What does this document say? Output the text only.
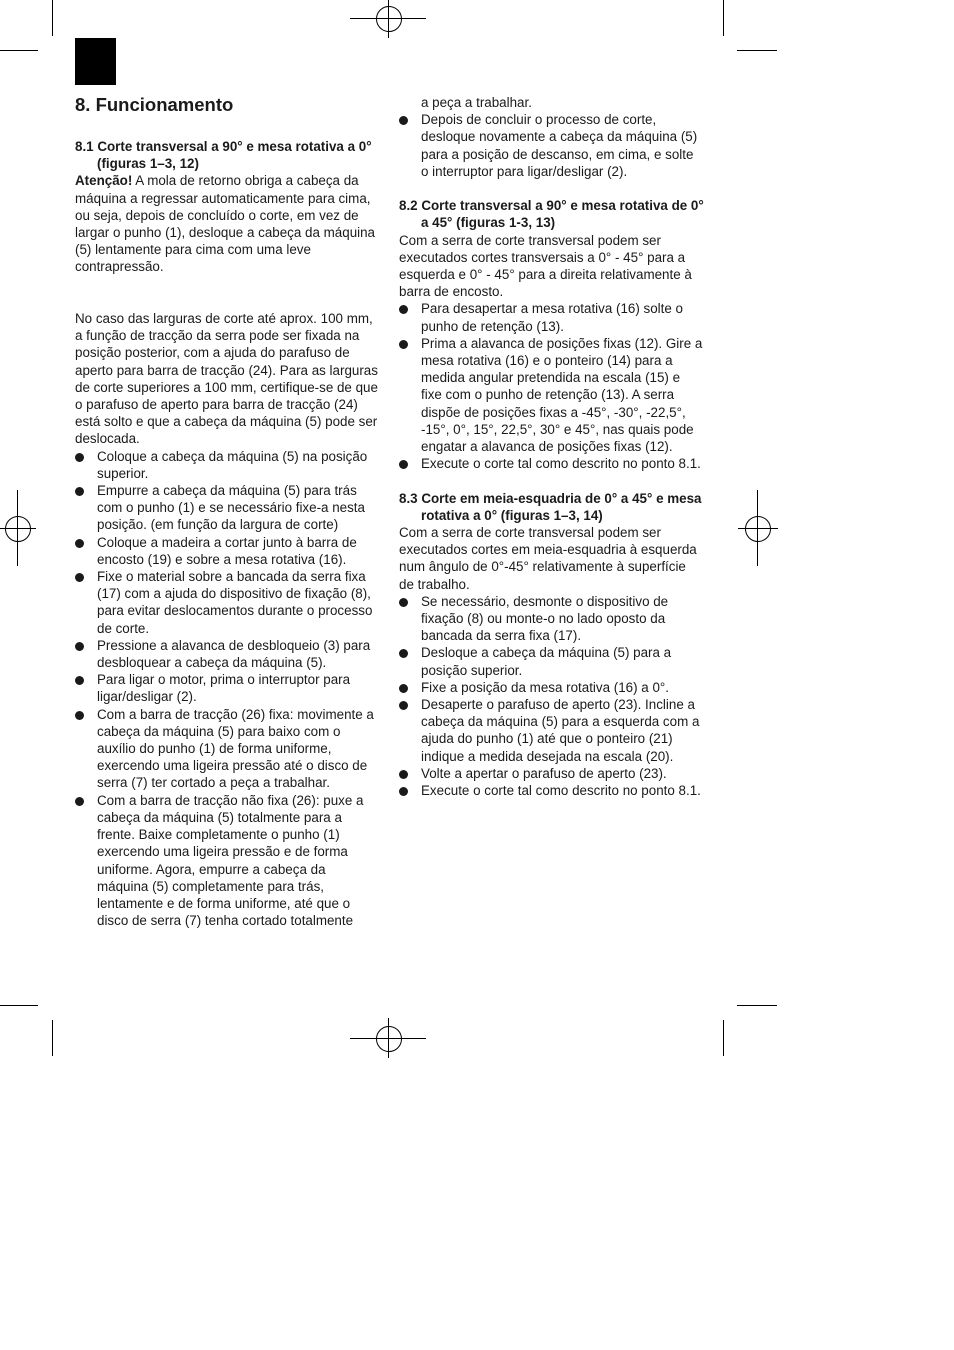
8. Funcionamento
8.1 Corte transversal a 90° e mesa rotativa a 0° (figuras 1–3, 12)

Atenção! A mola de retorno obriga a cabeça da máquina a regressar automaticamente para cima, ou seja, depois de concluído o corte, em vez de largar o punho (1), desloque a cabeça da máquina (5) lentamente para cima com uma leve contrapressão.

No caso das larguras de corte até aprox. 100 mm, a função de tracção da serra pode ser fixada na posição posterior, com a ajuda do parafuso de aperto para barra de tracção (24). Para as larguras de corte superiores a 100 mm, certifique-se de que o parafuso de aperto para barra de tracção (24) está solto e que a cabeça da máquina (5) pode ser deslocada.

Coloque a cabeça da máquina (5) na posição superior.
Empurre a cabeça da máquina (5) para trás com o punho (1) e se necessário fixe-a nesta posição. (em função da largura de corte)
Coloque a madeira a cortar junto à barra de encosto (19) e sobre a mesa rotativa (16).
Fixe o material sobre a bancada da serra fixa (17) com a ajuda do dispositivo de fixação (8), para evitar deslocamentos durante o processo de corte.
Pressione a alavanca de desbloqueio (3) para desbloquear a cabeça da máquina (5).
Para ligar o motor, prima o interruptor para ligar/desligar (2).
Com a barra de tracção (26) fixa: movimente a cabeça da máquina (5) para baixo com o auxílio do punho (1) de forma uniforme, exercendo uma ligeira pressão até o disco de serra (7) ter cortado a peça a trabalhar.
Com a barra de tracção não fixa (26): puxe a cabeça da máquina (5) totalmente para a frente. Baixe completamente o punho (1) exercendo uma ligeira pressão e de forma uniforme. Agora, empurre a cabeça da máquina (5) completamente para trás, lentamente e de forma uniforme, até que o disco de serra (7) tenha cortado totalmente
a peça a trabalhar.
Depois de concluir o processo de corte, desloque novamente a cabeça da máquina (5) para a posição de descanso, em cima, e solte o interruptor para ligar/desligar (2).
8.2 Corte transversal a 90° e mesa rotativa de 0° a 45° (figuras 1-3, 13)

Com a serra de corte transversal podem ser executados cortes transversais a 0° - 45° para a esquerda e 0° - 45° para a direita relativamente à barra de encosto.

Para desapertar a mesa rotativa (16) solte o punho de retenção (13).
Prima a alavanca de posições fixas (12). Gire a mesa rotativa (16) e o ponteiro (14) para a medida angular pretendida na escala (15) e fixe com o punho de retenção (13). A serra dispõe de posições fixas a -45°, -30°, -22,5°, -15°, 0°, 15°, 22,5°, 30° e 45°, nas quais pode engatar a alavanca de posições fixas (12).
Execute o corte tal como descrito no ponto 8.1.
8.3 Corte em meia-esquadria de 0° a 45° e mesa rotativa a 0° (figuras 1–3, 14)

Com a serra de corte transversal podem ser executados cortes em meia-esquadria à esquerda num ângulo de 0°-45° relativamente à superfície de trabalho.

Se necessário, desmonte o dispositivo de fixação (8) ou monte-o no lado oposto da bancada da serra fixa (17).
Desloque a cabeça da máquina (5) para a posição superior.
Fixe a posição da mesa rotativa (16) a 0°.
Desaperte o parafuso de aperto (23). Incline a cabeça da máquina (5) para a esquerda com a ajuda do punho (1) até que o ponteiro (21) indique a medida desejada na escala (20).
Volte a apertar o parafuso de aperto (23).
Execute o corte tal como descrito no ponto 8.1.
